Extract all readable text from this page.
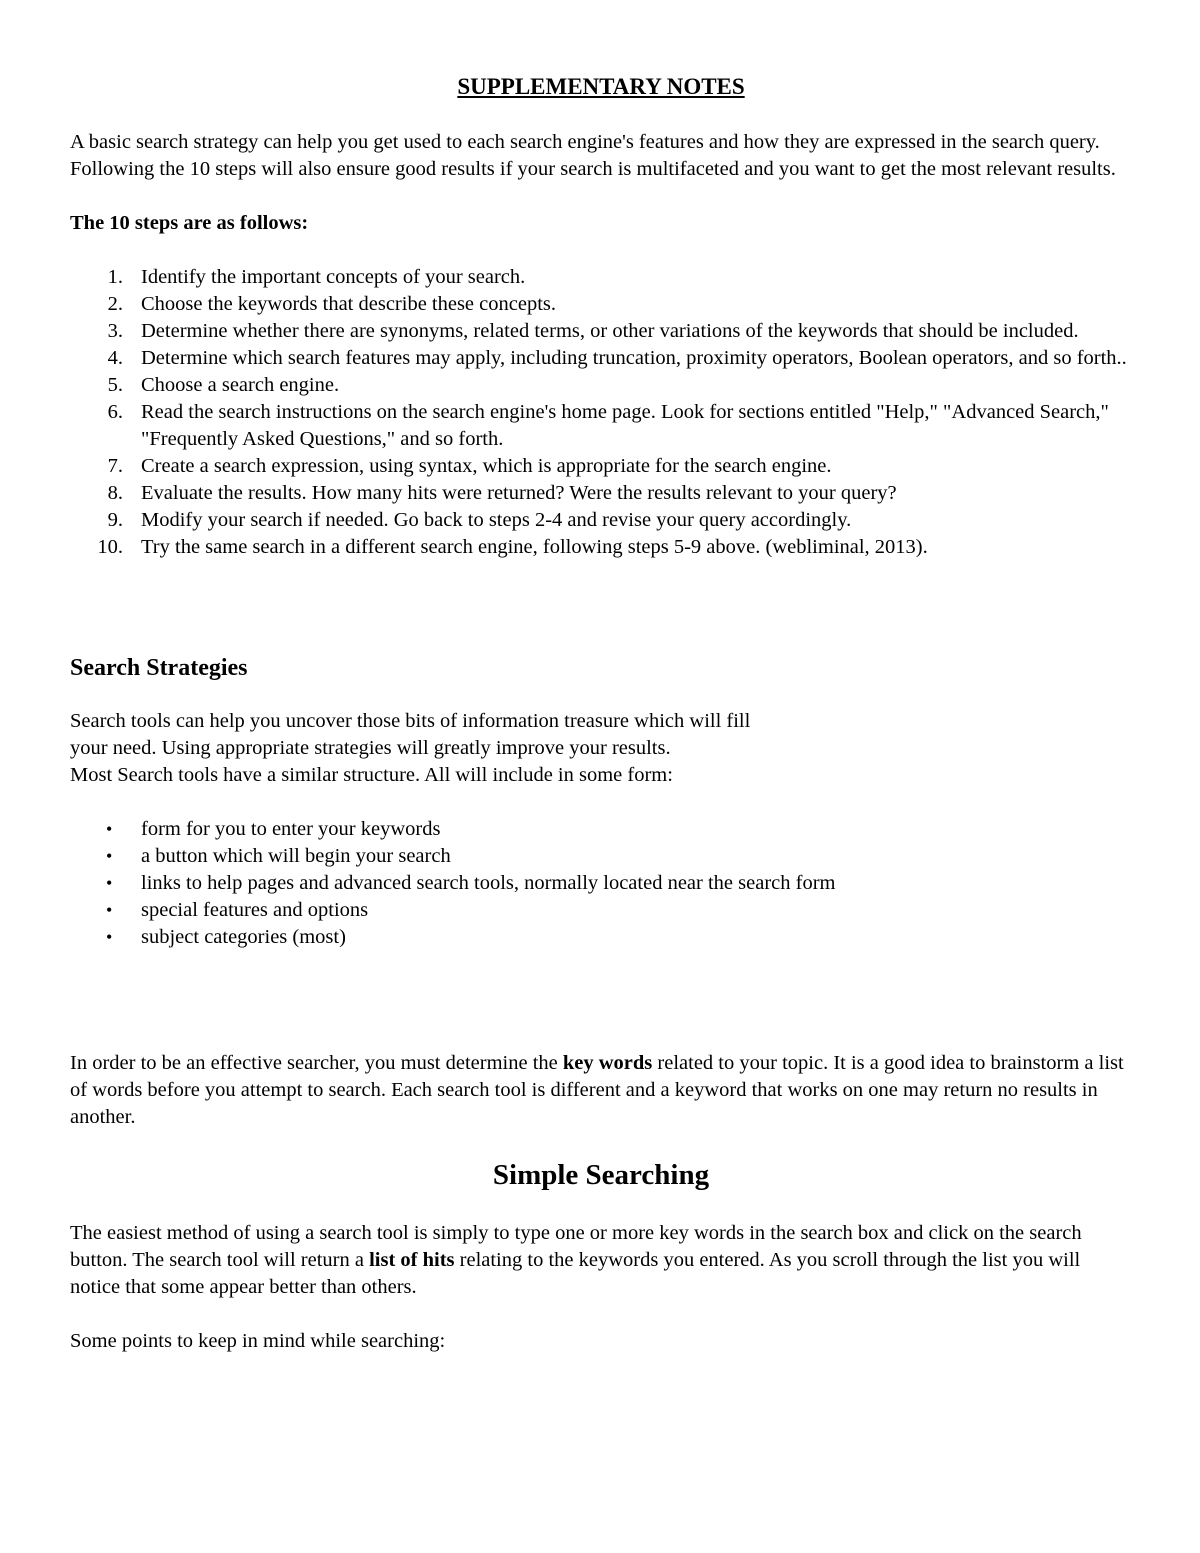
SUPPLEMENTARY NOTES

A basic search strategy can help you get used to each search engine's features and how they are expressed in the search query. Following the 10 steps will also ensure good results if your search is multifaceted and you want to get the most relevant results.

The 10 steps are as follows:

1. Identify the important concepts of your search.
2. Choose the keywords that describe these concepts.
3. Determine whether there are synonyms, related terms, or other variations of the keywords that should be included.
4. Determine which search features may apply, including truncation, proximity operators, Boolean operators, and so forth..
5. Choose a search engine.
6. Read the search instructions on the search engine's home page. Look for sections entitled "Help," "Advanced Search," "Frequently Asked Questions," and so forth.
7. Create a search expression, using syntax, which is appropriate for the search engine.
8. Evaluate the results. How many hits were returned? Were the results relevant to your query?
9. Modify your search if needed. Go back to steps 2-4 and revise your query accordingly.
10. Try the same search in a different search engine, following steps 5-9 above. (webliminal, 2013).
Search Strategies

Search tools can help you uncover those bits of information treasure which will fill

your need. Using appropriate strategies will greatly improve your results.

Most Search tools have a similar structure. All will include in some form:

• form for you to enter your keywords
• a button which will begin your search
• links to help pages and advanced search tools, normally located near the search form
• special features and options
• subject categories (most)

In order to be an effective searcher, you must determine the key words related to your topic. It is a good idea to brainstorm a list of words before you attempt to search. Each search tool is different and a keyword that works on one may return no results in another.

Simple Searching

The easiest method of using a search tool is simply to type one or more key words in the search box and click on the search button. The search tool will return a list of hits relating to the keywords you entered. As you scroll through the list you will notice that some appear better than others.

Some points to keep in mind while searching:
